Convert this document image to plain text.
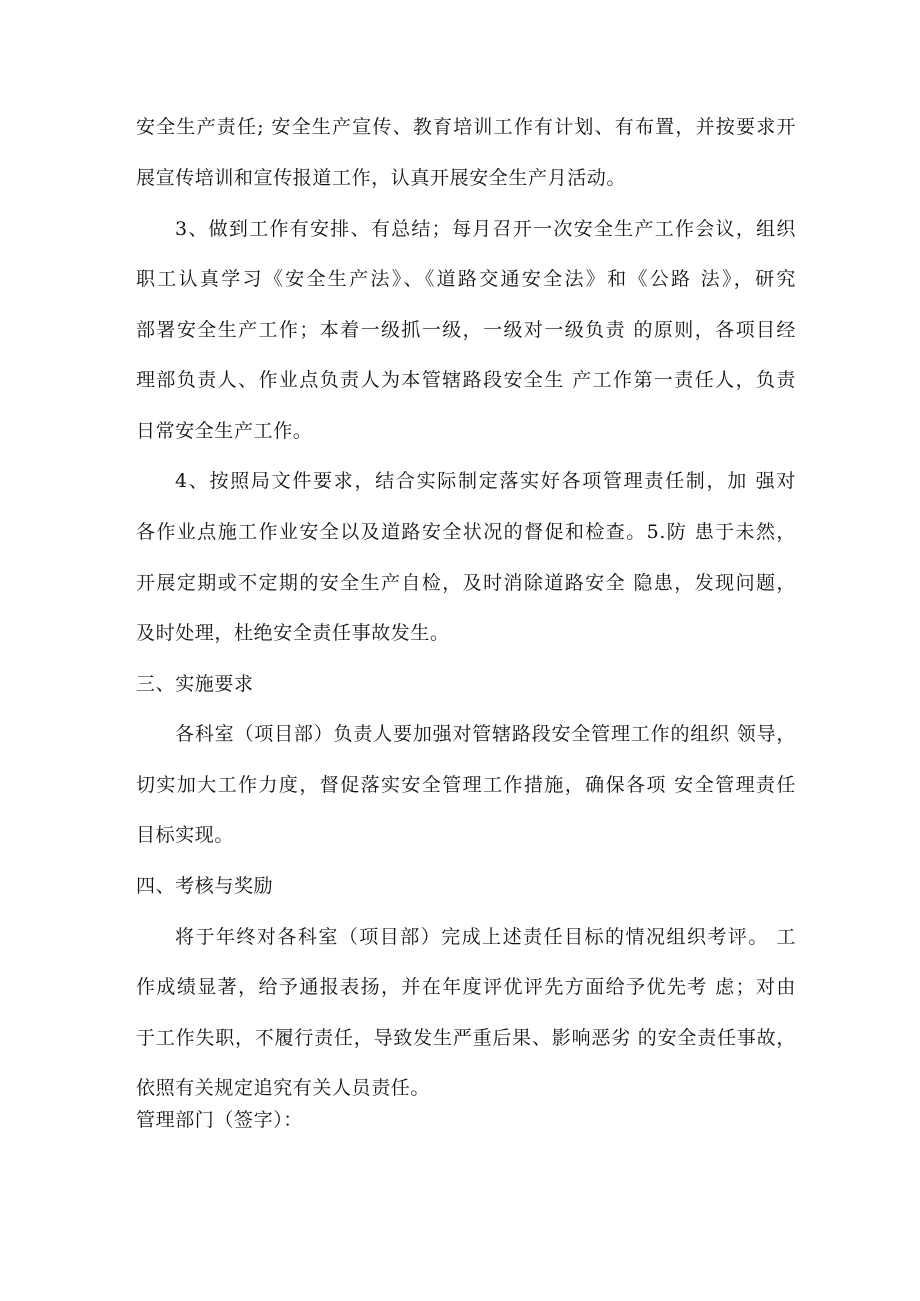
安全生产责任; 安全生产宣传、教育培训工作有计划、有布置，并按要求开
展宣传培训和宣传报道工作，认真开展安全生产月活动。
3、做到工作有安排、有总结；每月召开一次安全生产工作会议，组织
职工认真学习《安全生产法》、《道路交通安全法》和《公路 法》，研究
部署安全生产工作；本着一级抓一级，一级对一级负责 的原则，各项目经
理部负责人、作业点负责人为本管辖路段安全生 产工作第一责任人，负责
日常安全生产工作。
4、按照局文件要求，结合实际制定落实好各项管理责任制，加 强对
各作业点施工作业安全以及道路安全状况的督促和检查。5.防 患于未然，
开展定期或不定期的安全生产自检，及时消除道路安全 隐患，发现问题，
及时处理，杜绝安全责任事故发生。
三、实施要求
各科室（项目部）负责人要加强对管辖路段安全管理工作的组织 领导，
切实加大工作力度，督促落实安全管理工作措施，确保各项 安全管理责任
目标实现。
四、考核与奖励
将于年终对各科室（项目部）完成上述责任目标的情况组织考评。 工
作成绩显著，给予通报表扬，并在年度评优评先方面给予优先考 虑；对由
于工作失职，不履行责任，导致发生严重后果、影响恶劣 的安全责任事故，
依照有关规定追究有关人员责任。
管理部门（签字）：
